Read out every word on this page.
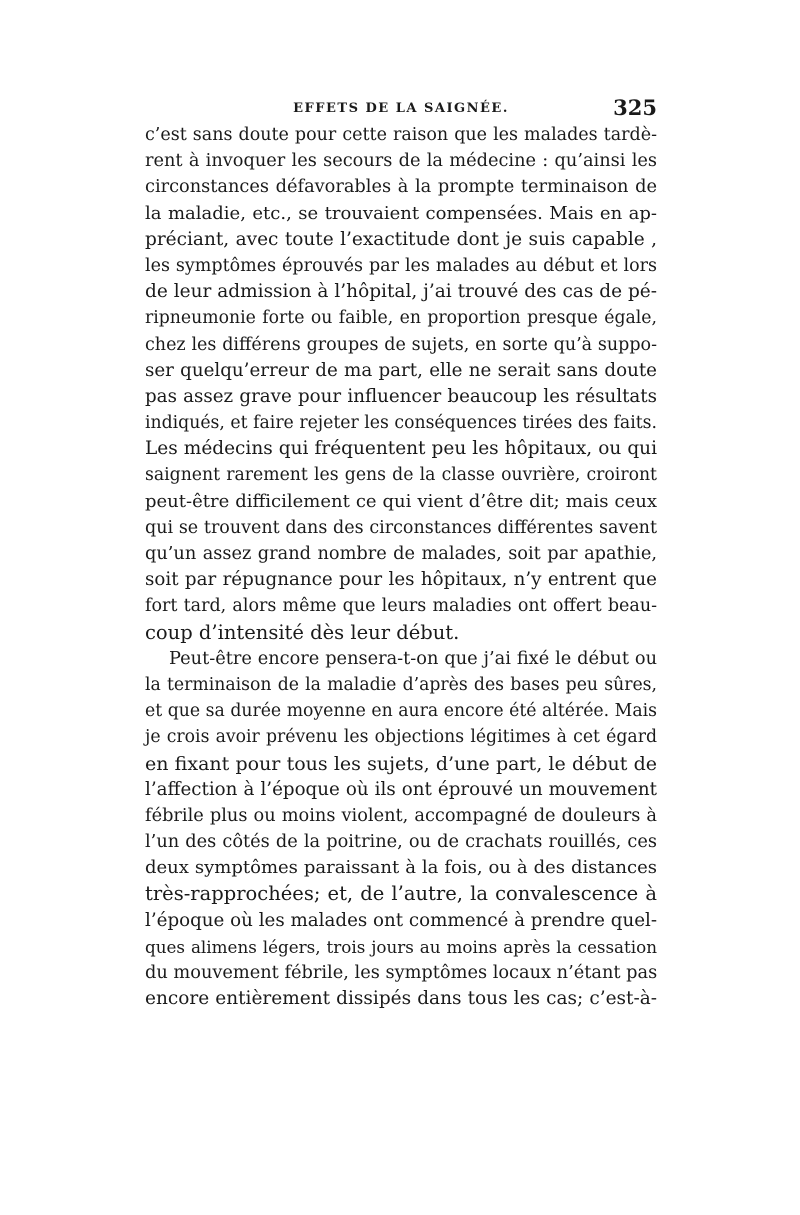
EFFETS DE LA SAIGNÉE.	325
c’est sans doute pour cette raison que les malades tardè-
rent à invoquer les secours de la médecine : qu’ainsi les
circonstances défavorables à la prompte terminaison de
la maladie, etc., se trouvaient compensées. Mais en ap-
préciant, avec toute l’exactitude dont je suis capable ,
les symptômes éprouvés par les malades au début et lors
de leur admission à l’hôpital, j’ai trouvé des cas de pé-
ripneumonie forte ou faible, en proportion presque égale,
chez les différens groupes de sujets, en sorte qu’à suppo-
ser quelqu’erreur de ma part, elle ne serait sans doute
pas assez grave pour influencer beaucoup les résultats
indiqués, et faire rejeter les conséquences tirées des faits.
Les médecins qui fréquentent peu les hôpitaux, ou qui
saignent rarement les gens de la classe ouvrière, croiront
peut-être difficilement ce qui vient d’être dit; mais ceux
qui se trouvent dans des circonstances différentes savent
qu’un assez grand nombre de malades, soit par apathie,
soit par répugnance pour les hôpitaux, n’y entrent que
fort tard, alors même que leurs maladies ont offert beau-
coup d’intensité dès leur début.
Peut-être encore pensera-t-on que j’ai fixé le début ou
la terminaison de la maladie d’après des bases peu sûres,
et que sa durée moyenne en aura encore été altérée. Mais
je crois avoir prévenu les objections légitimes à cet égard
en fixant pour tous les sujets, d’une part, le début de
l’affection à l’époque où ils ont éprouvé un mouvement
fébrile plus ou moins violent, accompagné de douleurs à
l’un des côtés de la poitrine, ou de crachats rouillés, ces
deux symptômes paraissant à la fois, ou à des distances
très-rapprochées; et, de l’autre, la convalescence à
l’époque où les malades ont commencé à prendre quel-
ques alimens légers, trois jours au moins après la cessation
du mouvement fébrile, les symptômes locaux n’étant pas
encore entièrement dissipés dans tous les cas; c’est-à-
